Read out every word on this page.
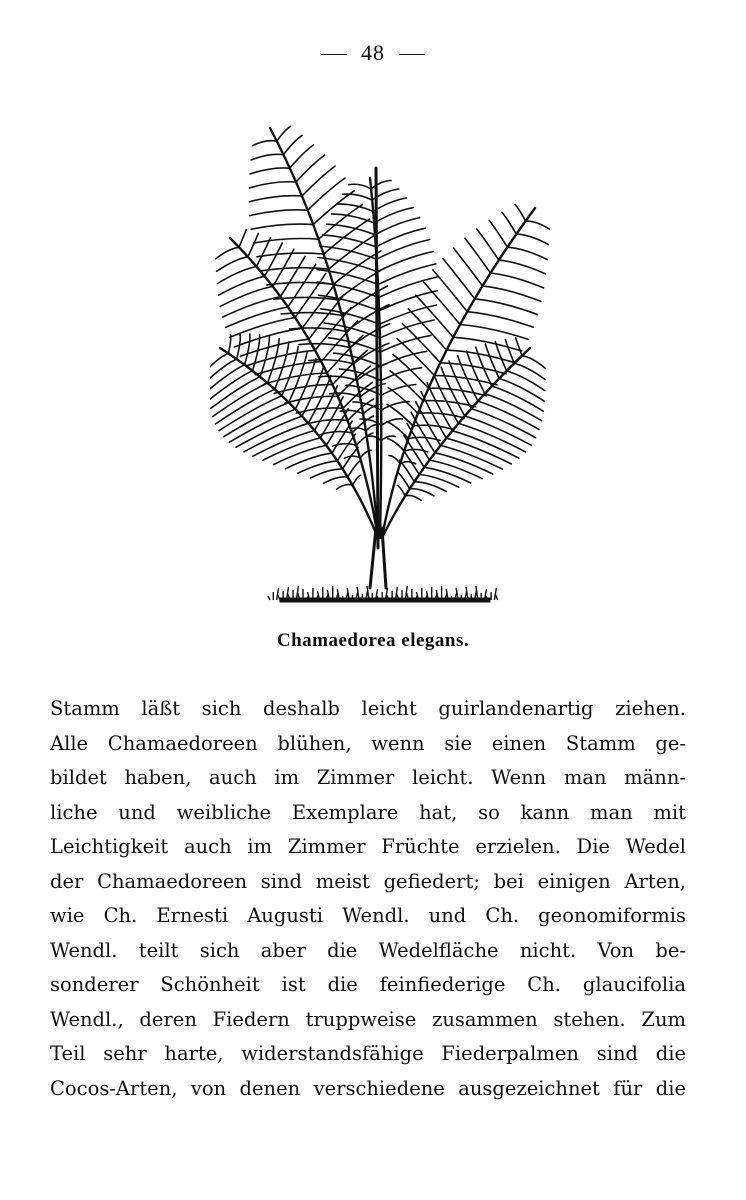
48
Chamaedorea elegans.
Stamm läßt sich deshalb leicht guirlandenartig ziehen.
Alle Chamaedoreen blühen, wenn sie einen Stamm ge-
bildet haben, auch im Zimmer leicht. Wenn man männ-
liche und weibliche Exemplare hat, so kann man mit
Leichtigkeit auch im Zimmer Früchte erzielen. Die Wedel
der Chamaedoreen sind meist gefiedert; bei einigen Arten,
wie Ch. Ernesti Augusti Wendl. und Ch. geonomiformis
Wendl. teilt sich aber die Wedelfläche nicht. Von be-
sonderer Schönheit ist die feinfiederige Ch. glaucifolia
Wendl., deren Fiedern truppweise zusammen stehen. Zum
Teil sehr harte, widerstandsfähige Fiederpalmen sind die
Cocos-Arten, von denen verschiedene ausgezeichnet für die
